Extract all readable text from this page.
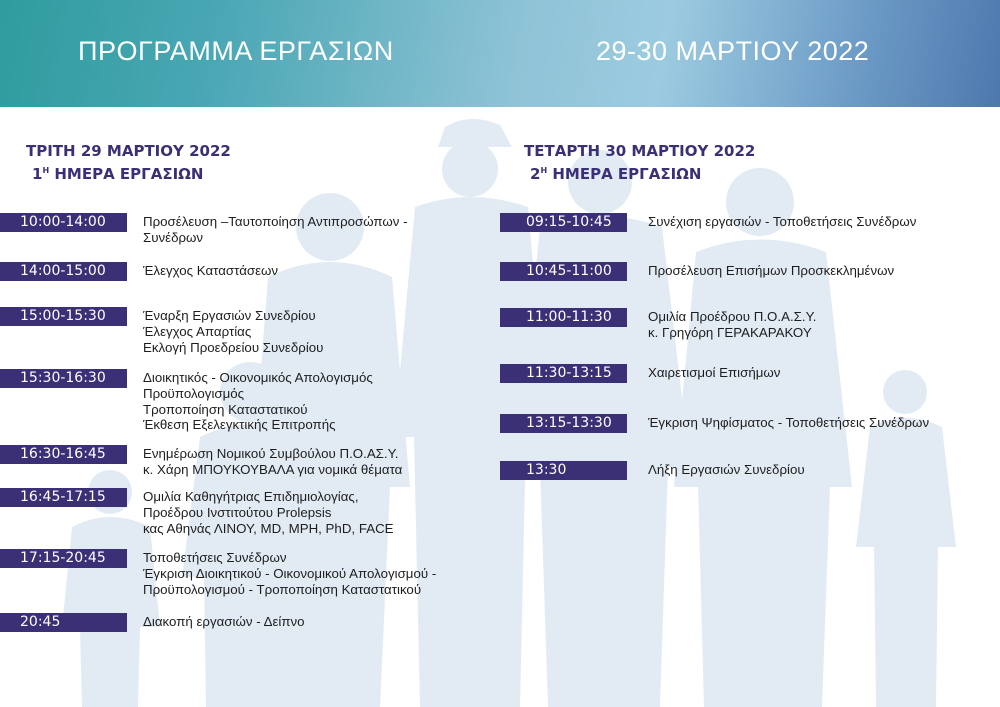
ΠΡΟΓΡΑΜΜΑ ΕΡΓΑΣΙΩΝ	29-30 ΜΑΡΤΙΟΥ 2022
ΤΡΙΤΗ 29 ΜΑΡΤΙΟΥ 2022
$1^H$ ΗΜΕΡΑ ΕΡΓΑΣΙΩΝ
ΤΕΤΑΡΤΗ 30 ΜΑΡΤΙΟΥ 2022
$2^H$ ΗΜΕΡΑ ΕΡΓΑΣΙΩΝ
10:00-14:00	Προσέλευση –Ταυτοποίηση Αντιπροσώπων -
Συνέδρων
14:00-15:00	Έλεγχος Καταστάσεων
15:00-15:30	Έναρξη Εργασιών Συνεδρίου
Έλεγχος Απαρτίας
Εκλογή Προεδρείου Συνεδρίου
15:30-16:30	Διοικητικός - Οικονομικός Απολογισμός
Προϋπολογισμός
Τροποποίηση Καταστατικού
Έκθεση Εξελεγκτικής Επιτροπής
16:30-16:45	Ενημέρωση Νομικού Συμβούλου Π.Ο.ΑΣ.Υ.
κ. Χάρη ΜΠΟΥΚΟΥΒΑΛΑ για νομικά θέματα
16:45-17:15	Ομιλία Καθηγήτριας Επιδημιολογίας,
Προέδρου Ινστιτούτου Prolepsis
κας Αθηνάς ΛΙΝΟΥ, MD, MPH, PhD, FACE
17:15-20:45	Τοποθετήσεις Συνέδρων
Έγκριση Διοικητικού - Οικονομικού Απολογισμού -
Προϋπολογισμού - Τροποποίηση Καταστατικού
20:45	Διακοπή εργασιών - Δείπνο
09:15-10:45	Συνέχιση εργασιών - Τοποθετήσεις Συνέδρων
10:45-11:00	Προσέλευση Επισήμων Προσκεκλημένων
11:00-11:30	Ομιλία Προέδρου Π.Ο.Α.Σ.Υ.
κ. Γρηγόρη ΓΕΡΑΚΑΡΑΚΟΥ
11:30-13:15	Χαιρετισμοί Επισήμων
13:15-13:30	Έγκριση Ψηφίσματος - Τοποθετήσεις Συνέδρων
13:30	Λήξη Εργασιών Συνεδρίου
